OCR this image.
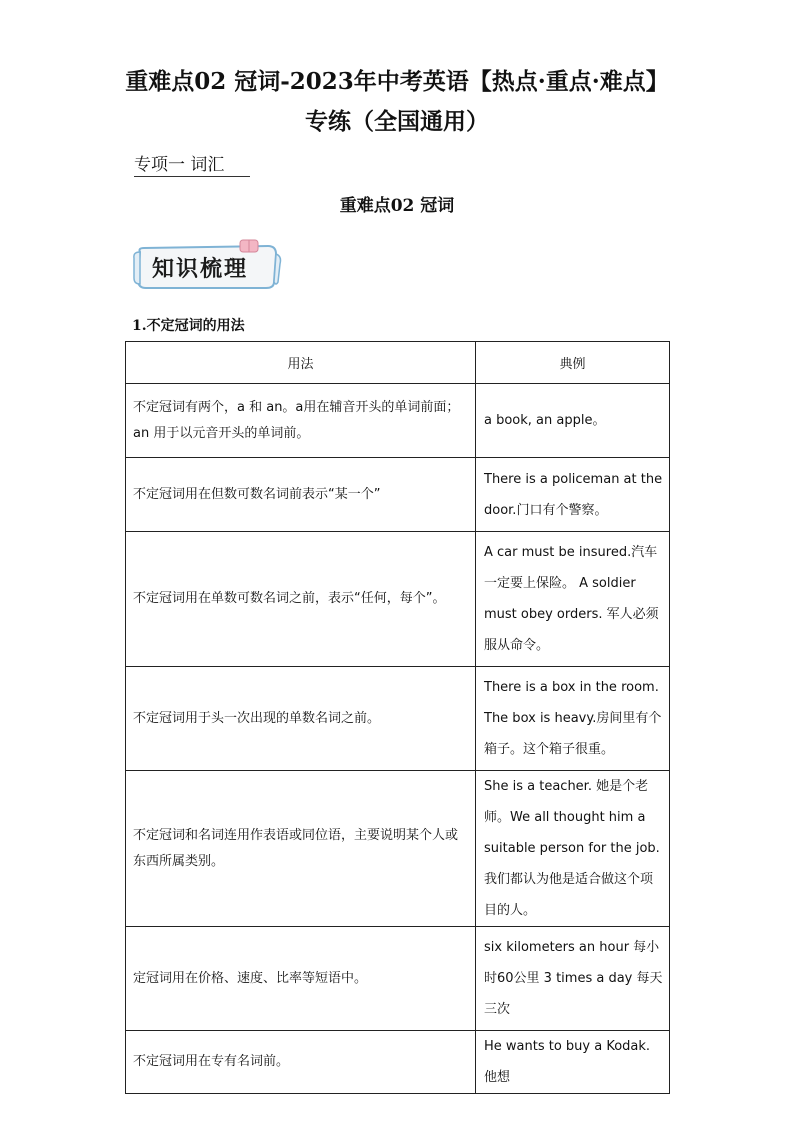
重难点02 冠词-2023年中考英语【热点·重点·难点】专练（全国通用）
专项一 词汇
重难点02 冠词
知识梳理
1.不定冠词的用法
用法	典例
不定冠词有两个，a 和 an。a用在辅音开头的单词前面；an 用于以元音开头的单词前。	a book, an apple。
不定冠词用在但数可数名词前表示“某一个”	There is a policeman at the door.门口有个警察。
不定冠词用在单数可数名词之前，表示“任何，每个”。	A car must be insured.汽车一定要上保险。 A soldier must obey orders. 军人必须服从命令。
不定冠词用于头一次出现的单数名词之前。	There is a box in the room. The box is heavy.房间里有个箱子。这个箱子很重。
不定冠词和名词连用作表语或同位语，主要说明某个人或东西所属类别。	She is a teacher. 她是个老师。We all thought him a suitable person for the job.我们都认为他是适合做这个项目的人。
定冠词用在价格、速度、比率等短语中。	six kilometers an hour 每小时60公里 3 times a day 每天三次
不定冠词用在专有名词前。	He wants to buy a Kodak.他想
